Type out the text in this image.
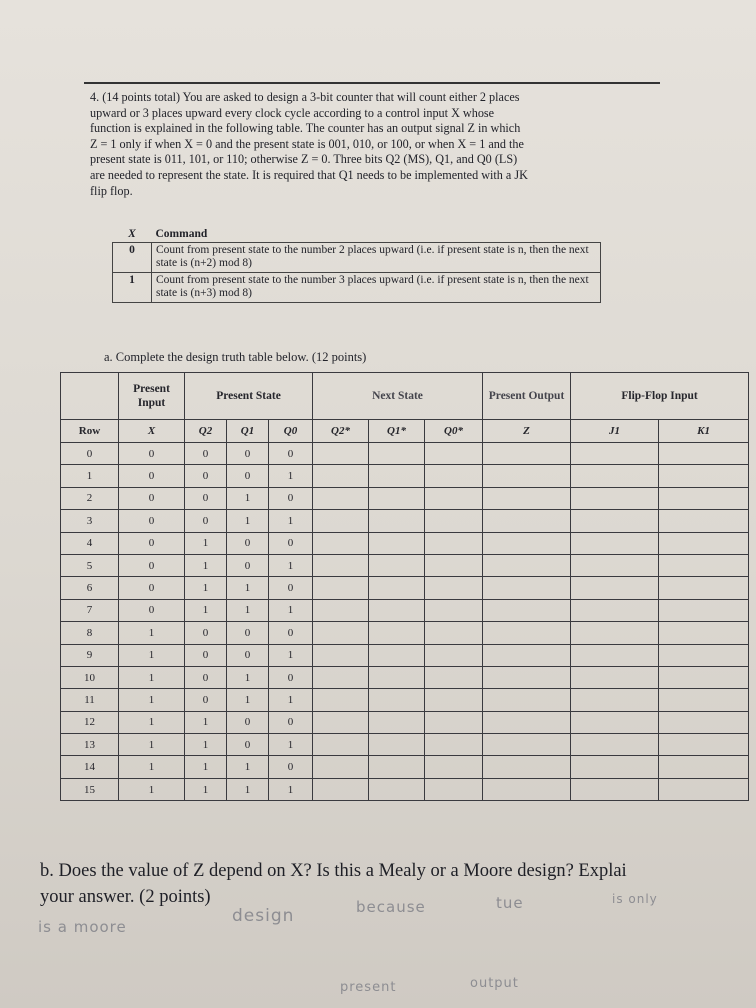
4. (14 points total) You are asked to design a 3-bit counter that will count either 2 places

upward or 3 places upward every clock cycle according to a control input X whose

function is explained in the following table. The counter has an output signal Z in which

Z = 1 only if when X = 0 and the present state is 001, 010, or 100, or when X = 1 and the

present state is 011, 101, or 110; otherwise Z = 0. Three bits Q2 (MS), Q1, and Q0 (LS)

are needed to represent the state. It is required that Q1 needs to be implemented with a JK

flip flop.

X	Command
0	Count from present state to the number 2 places upward (i.e. if present state is n, then the next state is (n+2) mod 8)
1	Count from present state to the number 3 places upward (i.e. if present state is n, then the next state is (n+3) mod 8)
a. Complete the design truth table below. (12 points)
	Present Input	Present State			Next State			Present Output	Flip-Flop Input	
Row	X	Q2	Q1	Q0	Q2*	Q1*	Q0*	Z	J1	K1
0	0	0	0	0						
1	0	0	0	1						
2	0	0	1	0						
3	0	0	1	1						
4	0	1	0	0						
5	0	1	0	1						
6	0	1	1	0						
7	0	1	1	1						
8	1	0	0	0						
9	1	0	0	1						
10	1	0	1	0						
11	1	0	1	1						
12	1	1	0	0						
13	1	1	0	1						
14	1	1	1	0						
15	1	1	1	1						
b. Does the value of Z depend on X? Is this a Mealy or a Moore design? Explai
your answer. (2 points)
is a moore
design	because	tue	is only
present	output
